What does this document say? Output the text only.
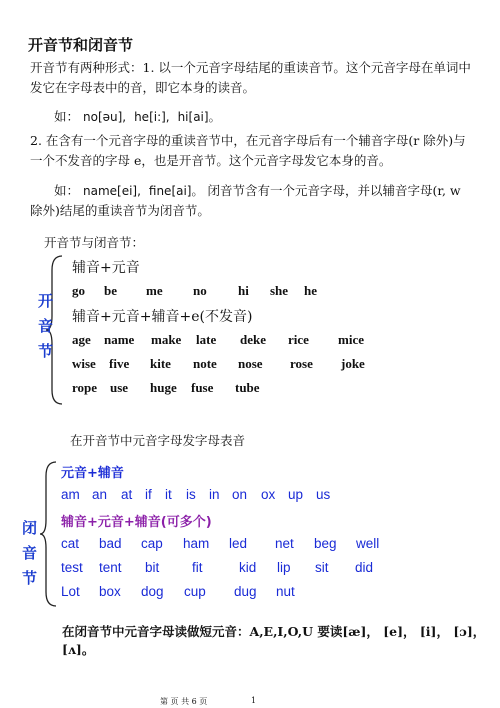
开音节和闭音节
开音节有两种形式：1. 以一个元音字母结尾的重读音节。这个元音字母在单词中发它在字母表中的音，即它本身的读音。
如： no[əu], he[i:], hi[ai]。
2. 在含有一个元音字母的重读音节中，在元音字母后有一个辅音字母(r 除外)与一个不发音的字母 e，也是开音节。这个元音字母发它本身的音。
如： name[ei], fine[ai]。 闭音节含有一个元音字母，并以辅音字母(r, w 除外)结尾的重读音节为闭音节。
开音节与闭音节：
开
音
节
辅音+元音
go	be	me	no	hi	she	he
辅音+元音+辅音+e(不发音)
age	name	make	late	deke	rice	mice
wise	five	kite	note	nose	rose	joke
rope use	huge	fuse	tube
在开音节中元音字母发字母表音
闭
音
节
元音+辅音
am an	at if it	is in on	ox up us
辅音+元音+辅音(可多个)
cat	bad	cap	ham	led	net	beg	well
test	tent	bit	fit	kid	lip	sit	did
Lot	box	dog	cup	dug	nut
在闭音节中元音字母读做短元音：A,E,I,O,U 要读[æ]， [e]， [i]， [ɔ]， [ʌ]。
第 页 共 6 页	1
